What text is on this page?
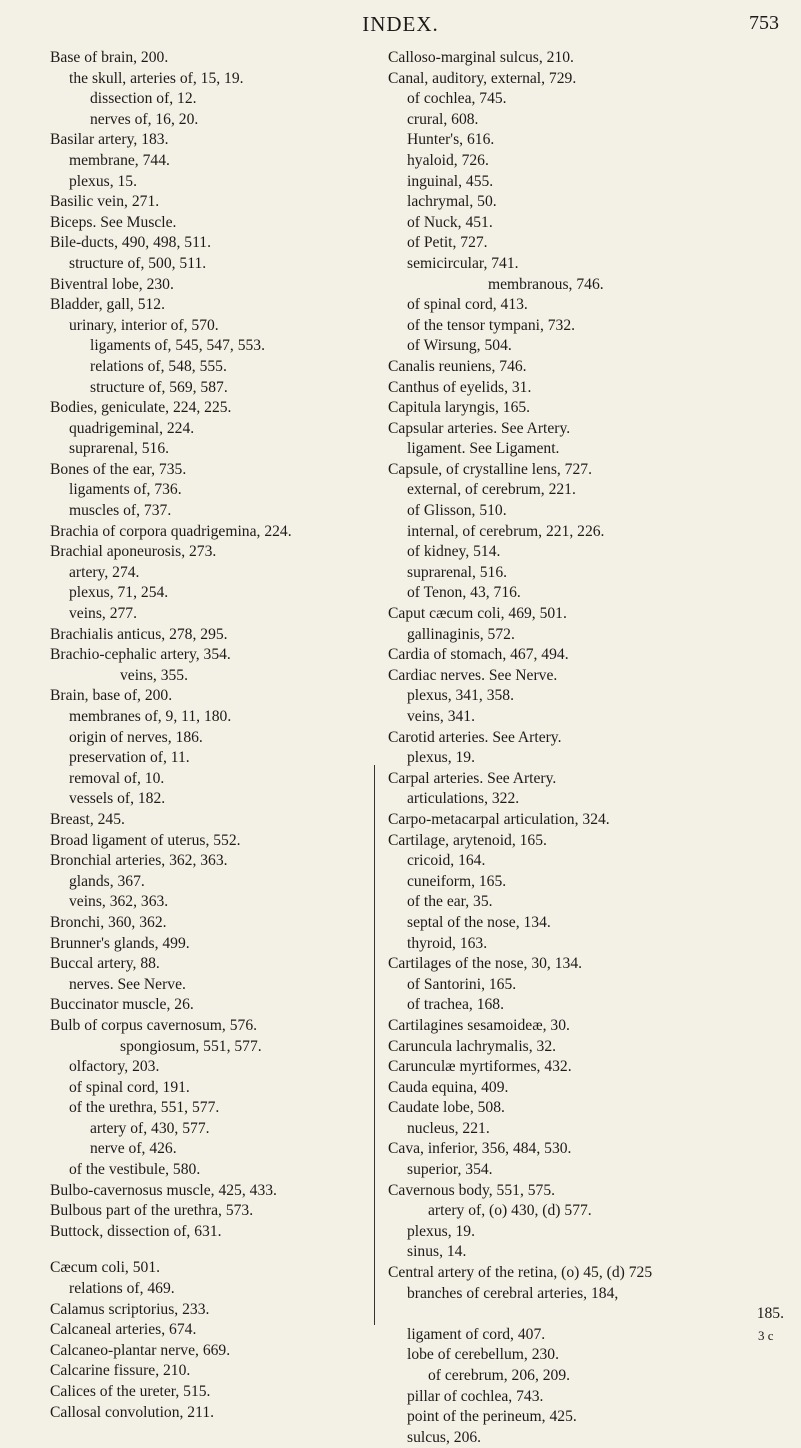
INDEX.	753
Base of brain, 200.
the skull, arteries of, 15, 19.
dissection of, 12.
nerves of, 16, 20.
Basilar artery, 183.
membrane, 744.
plexus, 15.
Basilic vein, 271.
Biceps. See Muscle.
Bile-ducts, 490, 498, 511.
structure of, 500, 511.
Biventral lobe, 230.
Bladder, gall, 512.
urinary, interior of, 570.
ligaments of, 545, 547, 553.
relations of, 548, 555.
structure of, 569, 587.
Bodies, geniculate, 224, 225.
quadrigeminal, 224.
suprarenal, 516.
Bones of the ear, 735.
ligaments of, 736.
muscles of, 737.
Brachia of corpora quadrigemina, 224.
Brachial aponeurosis, 273.
artery, 274.
plexus, 71, 254.
veins, 277.
Brachialis anticus, 278, 295.
Brachio-cephalic artery, 354.
veins, 355.
Brain, base of, 200.
membranes of, 9, 11, 180.
origin of nerves, 186.
preservation of, 11.
removal of, 10.
vessels of, 182.
Breast, 245.
Broad ligament of uterus, 552.
Bronchial arteries, 362, 363.
glands, 367.
veins, 362, 363.
Bronchi, 360, 362.
Brunner's glands, 499.
Buccal artery, 88.
nerves. See Nerve.
Buccinator muscle, 26.
Bulb of corpus cavernosum, 576.
spongiosum, 551, 577.
olfactory, 203.
of spinal cord, 191.
of the urethra, 551, 577.
artery of, 430, 577.
nerve of, 426.
of the vestibule, 580.
Bulbo-cavernosus muscle, 425, 433.
Bulbous part of the urethra, 573.
Buttock, dissection of, 631.
Cæcum coli, 501.
relations of, 469.
Calamus scriptorius, 233.
Calcaneal arteries, 674.
Calcaneo-plantar nerve, 669.
Calcarine fissure, 210.
Calices of the ureter, 515.
Callosal convolution, 211.
Calloso-marginal sulcus, 210.
Canal, auditory, external, 729.
of cochlea, 745.
crural, 608.
Hunter's, 616.
hyaloid, 726.
inguinal, 455.
lachrymal, 50.
of Nuck, 451.
of Petit, 727.
semicircular, 741.
membranous, 746.
of spinal cord, 413.
of the tensor tympani, 732.
of Wirsung, 504.
Canalis reuniens, 746.
Canthus of eyelids, 31.
Capitula laryngis, 165.
Capsular arteries. See Artery.
ligament. See Ligament.
Capsule, of crystalline lens, 727.
external, of cerebrum, 221.
of Glisson, 510.
internal, of cerebrum, 221, 226.
of kidney, 514.
suprarenal, 516.
of Tenon, 43, 716.
Caput cæcum coli, 469, 501.
gallinaginis, 572.
Cardia of stomach, 467, 494.
Cardiac nerves. See Nerve.
plexus, 341, 358.
veins, 341.
Carotid arteries. See Artery.
plexus, 19.
Carpal arteries. See Artery.
articulations, 322.
Carpo-metacarpal articulation, 324.
Cartilage, arytenoid, 165.
cricoid, 164.
cuneiform, 165.
of the ear, 35.
septal of the nose, 134.
thyroid, 163.
Cartilages of the nose, 30, 134.
of Santorini, 165.
of trachea, 168.
Cartilagines sesamoideæ, 30.
Caruncula lachrymalis, 32.
Carunculæ myrtiformes, 432.
Cauda equina, 409.
Caudate lobe, 508.
nucleus, 221.
Cava, inferior, 356, 484, 530.
superior, 354.
Cavernous body, 551, 575.
artery of, (o) 430, (d) 577.
plexus, 19.
sinus, 14.
Central artery of the retina, (o) 45, (d) 725
branches of cerebral arteries, 184,
185.
ligament of cord, 407.
lobe of cerebellum, 230.
of cerebrum, 206, 209.
pillar of cochlea, 743.
point of the perineum, 425.
sulcus, 206.
3 c
